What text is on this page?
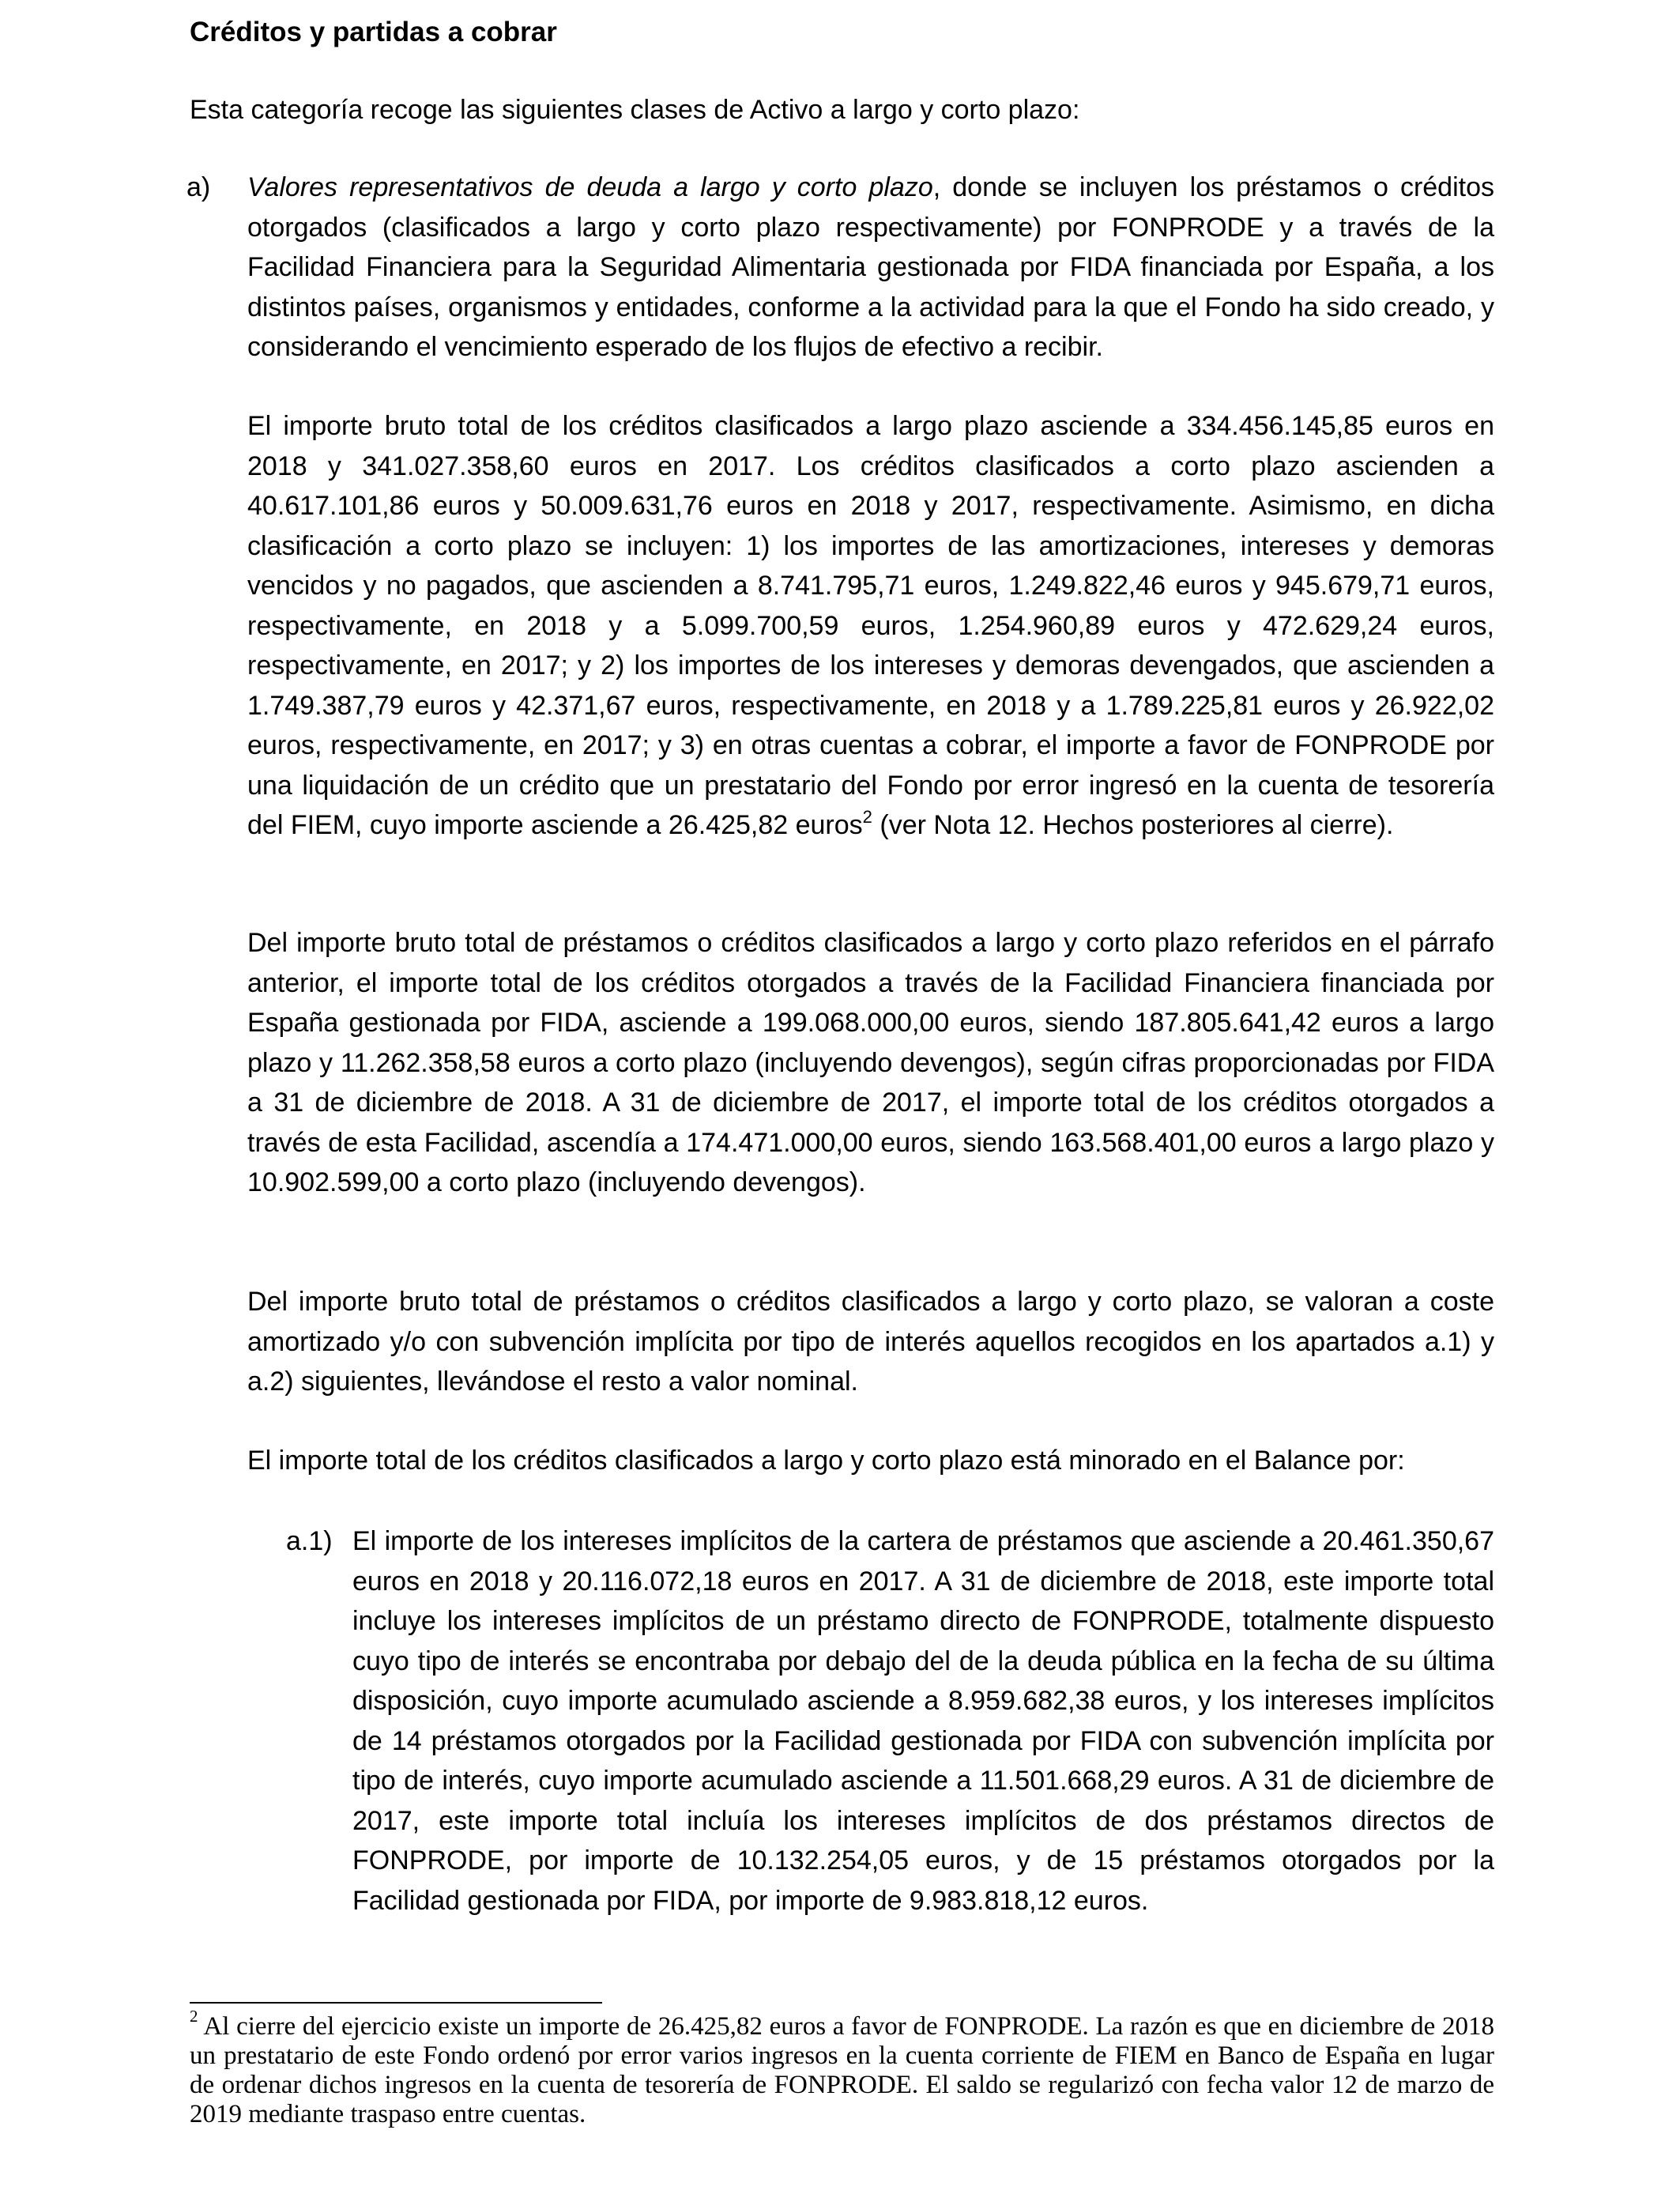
Créditos y partidas a cobrar

Esta categoría recoge las siguientes clases de Activo a largo y corto plazo:

a) Valores representativos de deuda a largo y corto plazo, donde se incluyen los préstamos o créditos otorgados (clasificados a largo y corto plazo respectivamente) por FONPRODE y a través de la Facilidad Financiera para la Seguridad Alimentaria gestionada por FIDA financiada por España, a los distintos países, organismos y entidades, conforme a la actividad para la que el Fondo ha sido creado, y considerando el vencimiento esperado de los flujos de efectivo a recibir.

El importe bruto total de los créditos clasificados a largo plazo asciende a 334.456.145,85 euros en 2018 y 341.027.358,60 euros en 2017. Los créditos clasificados a corto plazo ascienden a 40.617.101,86 euros y 50.009.631,76 euros en 2018 y 2017, respectivamente. Asimismo, en dicha clasificación a corto plazo se incluyen: 1) los importes de las amortizaciones, intereses y demoras vencidos y no pagados, que ascienden a 8.741.795,71 euros, 1.249.822,46 euros y 945.679,71 euros, respectivamente, en 2018 y a 5.099.700,59 euros, 1.254.960,89 euros y 472.629,24 euros, respectivamente, en 2017; y 2) los importes de los intereses y demoras devengados, que ascienden a 1.749.387,79 euros y 42.371,67 euros, respectivamente, en 2018 y a 1.789.225,81 euros y 26.922,02 euros, respectivamente, en 2017; y 3) en otras cuentas a cobrar, el importe a favor de FONPRODE por una liquidación de un crédito que un prestatario del Fondo por error ingresó en la cuenta de tesorería del FIEM, cuyo importe asciende a 26.425,82 euros$^2$ (ver Nota 12. Hechos posteriores al cierre).

Del importe bruto total de préstamos o créditos clasificados a largo y corto plazo referidos en el párrafo anterior, el importe total de los créditos otorgados a través de la Facilidad Financiera financiada por España gestionada por FIDA, asciende a 199.068.000,00 euros, siendo 187.805.641,42 euros a largo plazo y 11.262.358,58 euros a corto plazo (incluyendo devengos), según cifras proporcionadas por FIDA a 31 de diciembre de 2018. A 31 de diciembre de 2017, el importe total de los créditos otorgados a través de esta Facilidad, ascendía a 174.471.000,00 euros, siendo 163.568.401,00 euros a largo plazo y 10.902.599,00 a corto plazo (incluyendo devengos).

Del importe bruto total de préstamos o créditos clasificados a largo y corto plazo, se valoran a coste amortizado y/o con subvención implícita por tipo de interés aquellos recogidos en los apartados a.1) y a.2) siguientes, llevándose el resto a valor nominal.

El importe total de los créditos clasificados a largo y corto plazo está minorado en el Balance por:

a.1) El importe de los intereses implícitos de la cartera de préstamos que asciende a 20.461.350,67 euros en 2018 y 20.116.072,18 euros en 2017. A 31 de diciembre de 2018, este importe total incluye los intereses implícitos de un préstamo directo de FONPRODE, totalmente dispuesto cuyo tipo de interés se encontraba por debajo del de la deuda pública en la fecha de su última disposición, cuyo importe acumulado asciende a 8.959.682,38 euros, y los intereses implícitos de 14 préstamos otorgados por la Facilidad gestionada por FIDA con subvención implícita por tipo de interés, cuyo importe acumulado asciende a 11.501.668,29 euros. A 31 de diciembre de 2017, este importe total incluía los intereses implícitos de dos préstamos directos de FONPRODE, por importe de 10.132.254,05 euros, y de 15 préstamos otorgados por la Facilidad gestionada por FIDA, por importe de 9.983.818,12 euros.

$^2$ Al cierre del ejercicio existe un importe de 26.425,82 euros a favor de FONPRODE. La razón es que en diciembre de 2018 un prestatario de este Fondo ordenó por error varios ingresos en la cuenta corriente de FIEM en Banco de España en lugar de ordenar dichos ingresos en la cuenta de tesorería de FONPRODE. El saldo se regularizó con fecha valor 12 de marzo de 2019 mediante traspaso entre cuentas.
